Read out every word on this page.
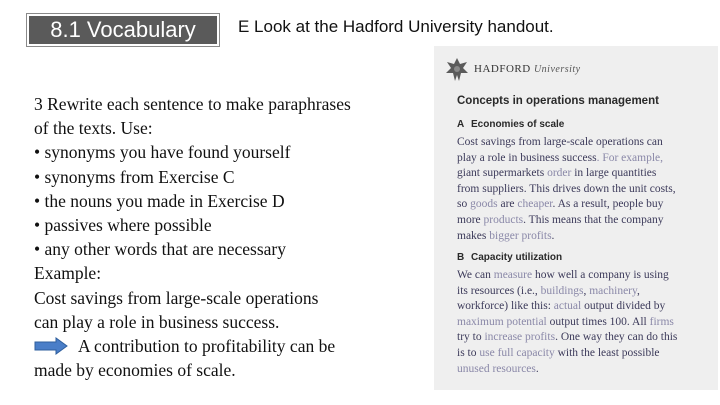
8.1 Vocabulary	E Look at the Hadford University handout.
3 Rewrite each sentence to make paraphrases
of the texts. Use:
• synonyms you have found yourself
• synonyms from Exercise C
• the nouns you made in Exercise D
• passives where possible
• any other words that are necessary
Example:
Cost savings from large-scale operations
can play a role in business success.
A contribution to profitability can be
made by economies of scale.
HADFORD University
Concepts in operations management
A Economies of scale
Cost savings from large-scale operations can
play a role in business success. For example,
giant supermarkets order in large quantities
from suppliers. This drives down the unit costs,
so goods are cheaper. As a result, people buy
more products. This means that the company
makes bigger profits.
B Capacity utilization
We can measure how well a company is using
its resources (i.e., buildings, machinery,
workforce) like this: actual output divided by
maximum potential output times 100. All firms
try to increase profits. One way they can do this
is to use full capacity with the least possible
unused resources.
